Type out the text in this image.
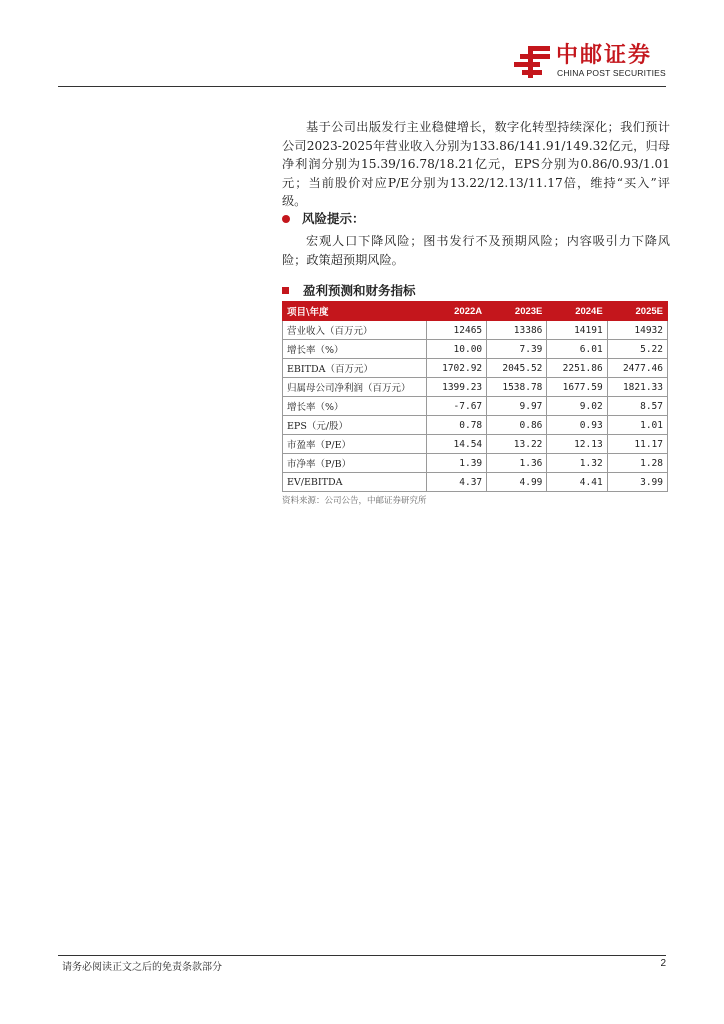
中邮证券
CHINA POST SECURITIES
基于公司出版发行主业稳健增长，数字化转型持续深化；我们预计公司2023-2025年营业收入分别为133.86/141.91/149.32亿元，归母净利润分别为15.39/16.78/18.21亿元，EPS分别为0.86/0.93/1.01元；当前股价对应P/E分别为13.22/12.13/11.17倍，维持“买入”评级。
风险提示：
宏观人口下降风险；图书发行不及预期风险；内容吸引力下降风险；政策超预期风险。
盈利预测和财务指标
项目\年度	2022A	2023E	2024E	2025E
营业收入（百万元）	12465	13386	14191	14932
增长率（%）	10.00	7.39	6.01	5.22
EBITDA（百万元）	1702.92	2045.52	2251.86	2477.46
归属母公司净利润（百万元）	1399.23	1538.78	1677.59	1821.33
增长率（%）	-7.67	9.97	9.02	8.57
EPS（元/股）	0.78	0.86	0.93	1.01
市盈率（P/E）	14.54	13.22	12.13	11.17
市净率（P/B）	1.39	1.36	1.32	1.28
EV/EBITDA	4.37	4.99	4.41	3.99
资料来源：公司公告，中邮证券研究所
请务必阅读正文之后的免责条款部分	2
